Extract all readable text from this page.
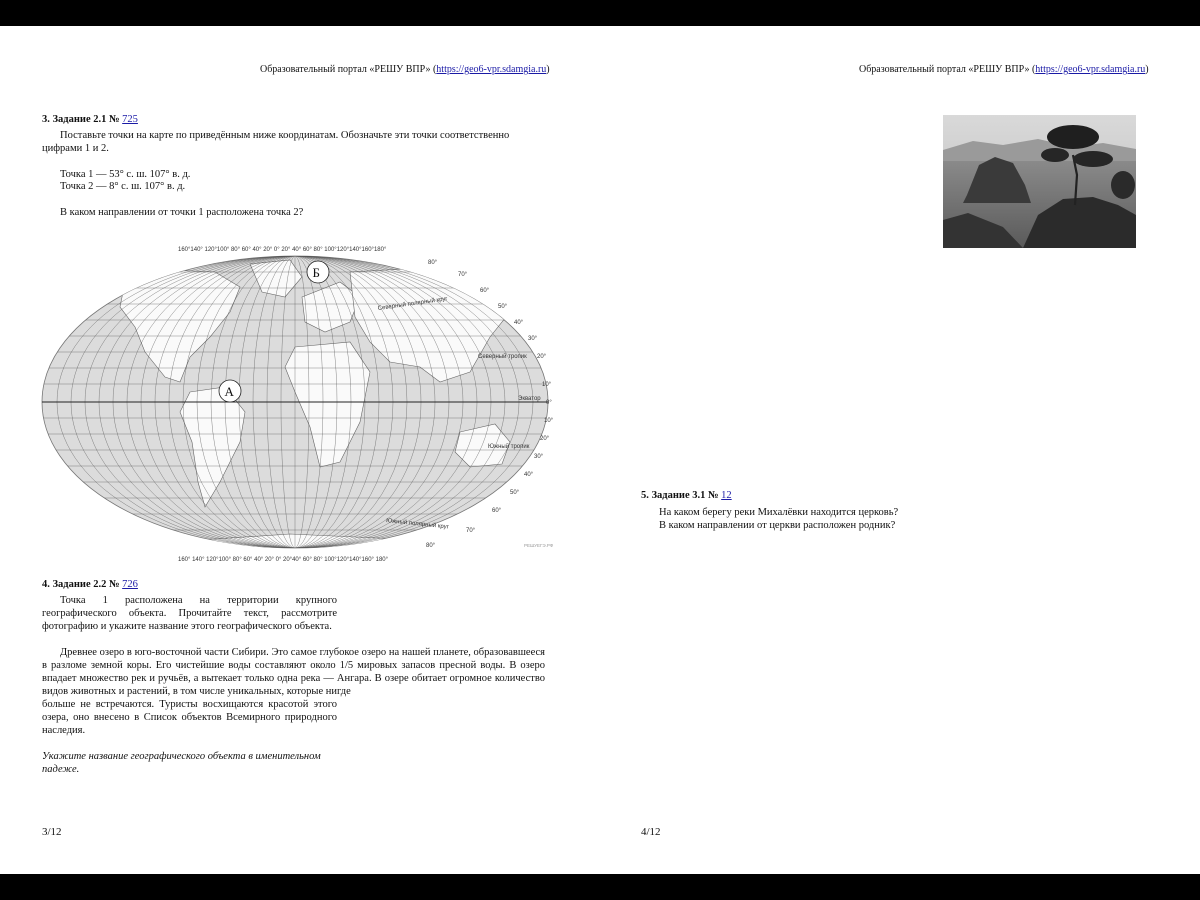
Образовательный портал «РЕШУ ВПР» (https://geo6-vpr.sdamgia.ru)
3. Задание 2.1 № 725
Поставьте точки на карте по приведённым ниже координатам. Обозначьте эти точки соответственно цифрами 1 и 2.
Точка 1 — 53° с. ш. 107° в. д.
Точка 2 — 8° с. ш. 107° в. д.
В каком направлении от точки 1 расположена точка 2?
160°140° 120°100° 80° 60° 40° 20° 0° 20° 40° 60° 80° 100°120°140°160°180°
160° 140° 120°100° 80° 60° 40° 20° 0° 20°40° 60° 80° 100°120°140°160° 180°
80°
70°
60°
50°
40°
30°
20°
10°
0°
10°
20°
30°
40°
50°
60°
70°
80°
Северный полярный круг
Северный тропик
Экватор
Южный тропик
Южный полярный круг
А
Б
РЕШУЕГЭ.РФ
4. Задание 2.2 № 726
Точка 1 расположена на территории крупного географического объекта. Прочитайте текст, рассмотрите фотографию и укажите название этого географического объекта.
Древнее озеро в юго-восточной части Сибири. Это самое глубокое озеро на нашей планете, образовавшееся в разломе земной коры. Его чистейшие воды составляют около 1/5 мировых запасов пресной воды. В озеро впадает множество рек и ручьёв, а вытекает только одна река — Ангара. В озере обитает огромное количество видов животных и растений, в том числе уникальных, которые нигде
больше не встречаются. Туристы восхищаются красотой этого озера, оно внесено в Список объектов Всемирного природного наследия.
Укажите название географического объекта в именительном падеже.
3/12
Образовательный портал «РЕШУ ВПР» (https://geo6-vpr.sdamgia.ru)
5. Задание 3.1 № 12
На каком берегу реки Михалёвки находится церковь?
В каком направлении от церкви расположен родник?
4/12
